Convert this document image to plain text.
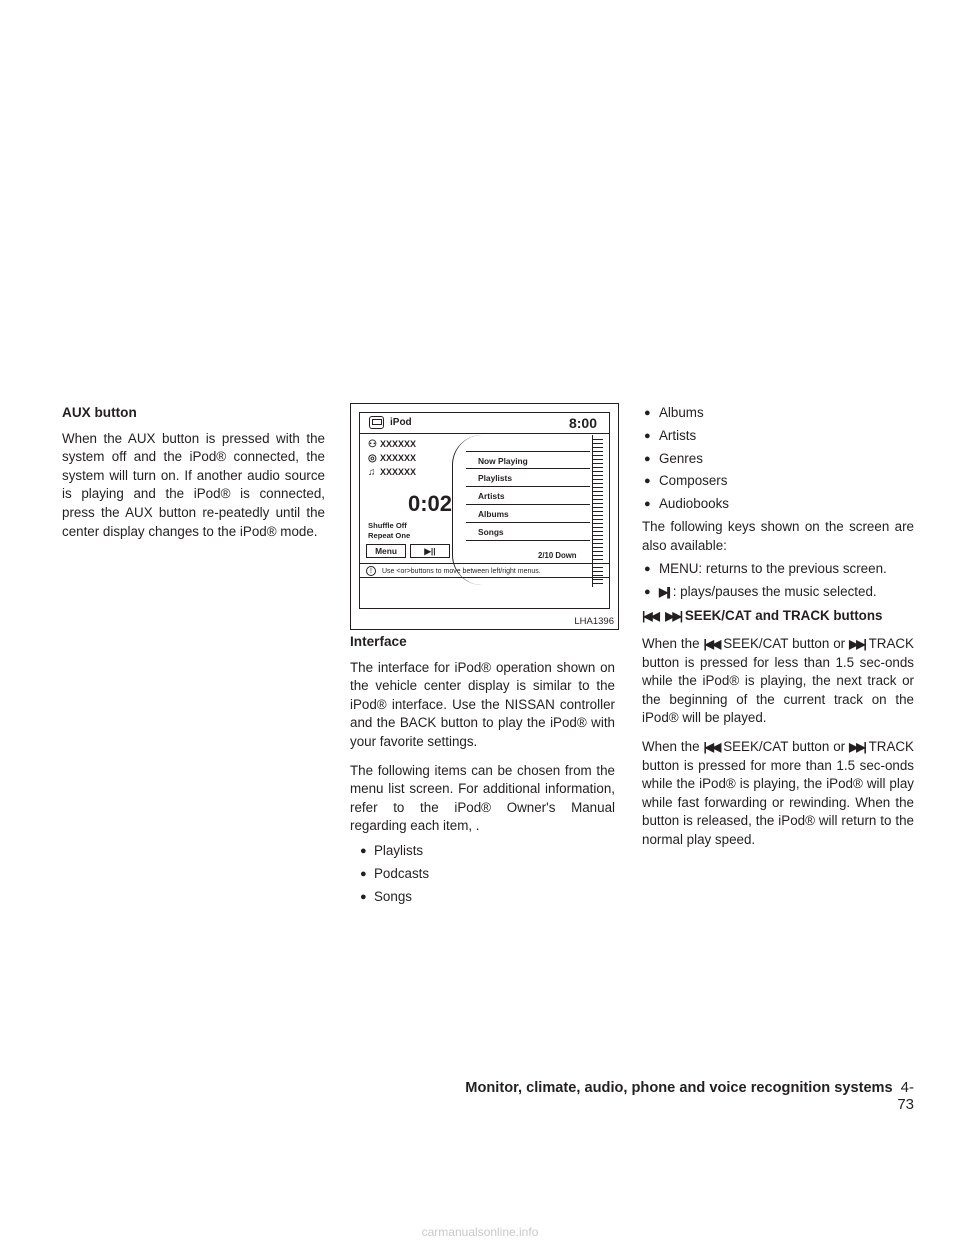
AUX button

When the AUX button is pressed with the system off and the iPod® connected, the system will turn on. If another audio source is playing and the iPod® is connected, press the AUX button re-peatedly until the center display changes to the iPod® mode.

iPod	8:00
⚇ XXXXXX
◎ XXXXXX
♫ XXXXXX
0:02
Shuffle Off
Repeat One
Now Playing
Playlists
Artists
Albums
Songs
2/10 Down
Menu	▶||
!	Use <or>buttons to move between left/right menus.
LHA1396
Interface

The interface for iPod® operation shown on the vehicle center display is similar to the iPod® interface. Use the NISSAN controller and the BACK button to play the iPod® with your favorite settings.

The following items can be chosen from the menu list screen. For additional information, refer to the iPod® Owner's Manual regarding each item, .

● Playlists
● Podcasts
● Songs
● Albums
● Artists
● Genres
● Composers
● Audiobooks

The following keys shown on the screen are also available:

● MENU: returns to the previous screen.
● ▶|| : plays/pauses the music selected.
|◀◀ ▶▶| SEEK/CAT and TRACK buttons

When the |◀◀ SEEK/CAT button or ▶▶| TRACK button is pressed for less than 1.5 sec-onds while the iPod® is playing, the next track or the beginning of the current track on the iPod® will be played.

When the |◀◀ SEEK/CAT button or ▶▶| TRACK button is pressed for more than 1.5 sec-onds while the iPod® is playing, the iPod® will play while fast forwarding or rewinding. When the button is released, the iPod® will return to the normal play speed.

Monitor, climate, audio, phone and voice recognition systems 4-73
carmanualsonline.info
